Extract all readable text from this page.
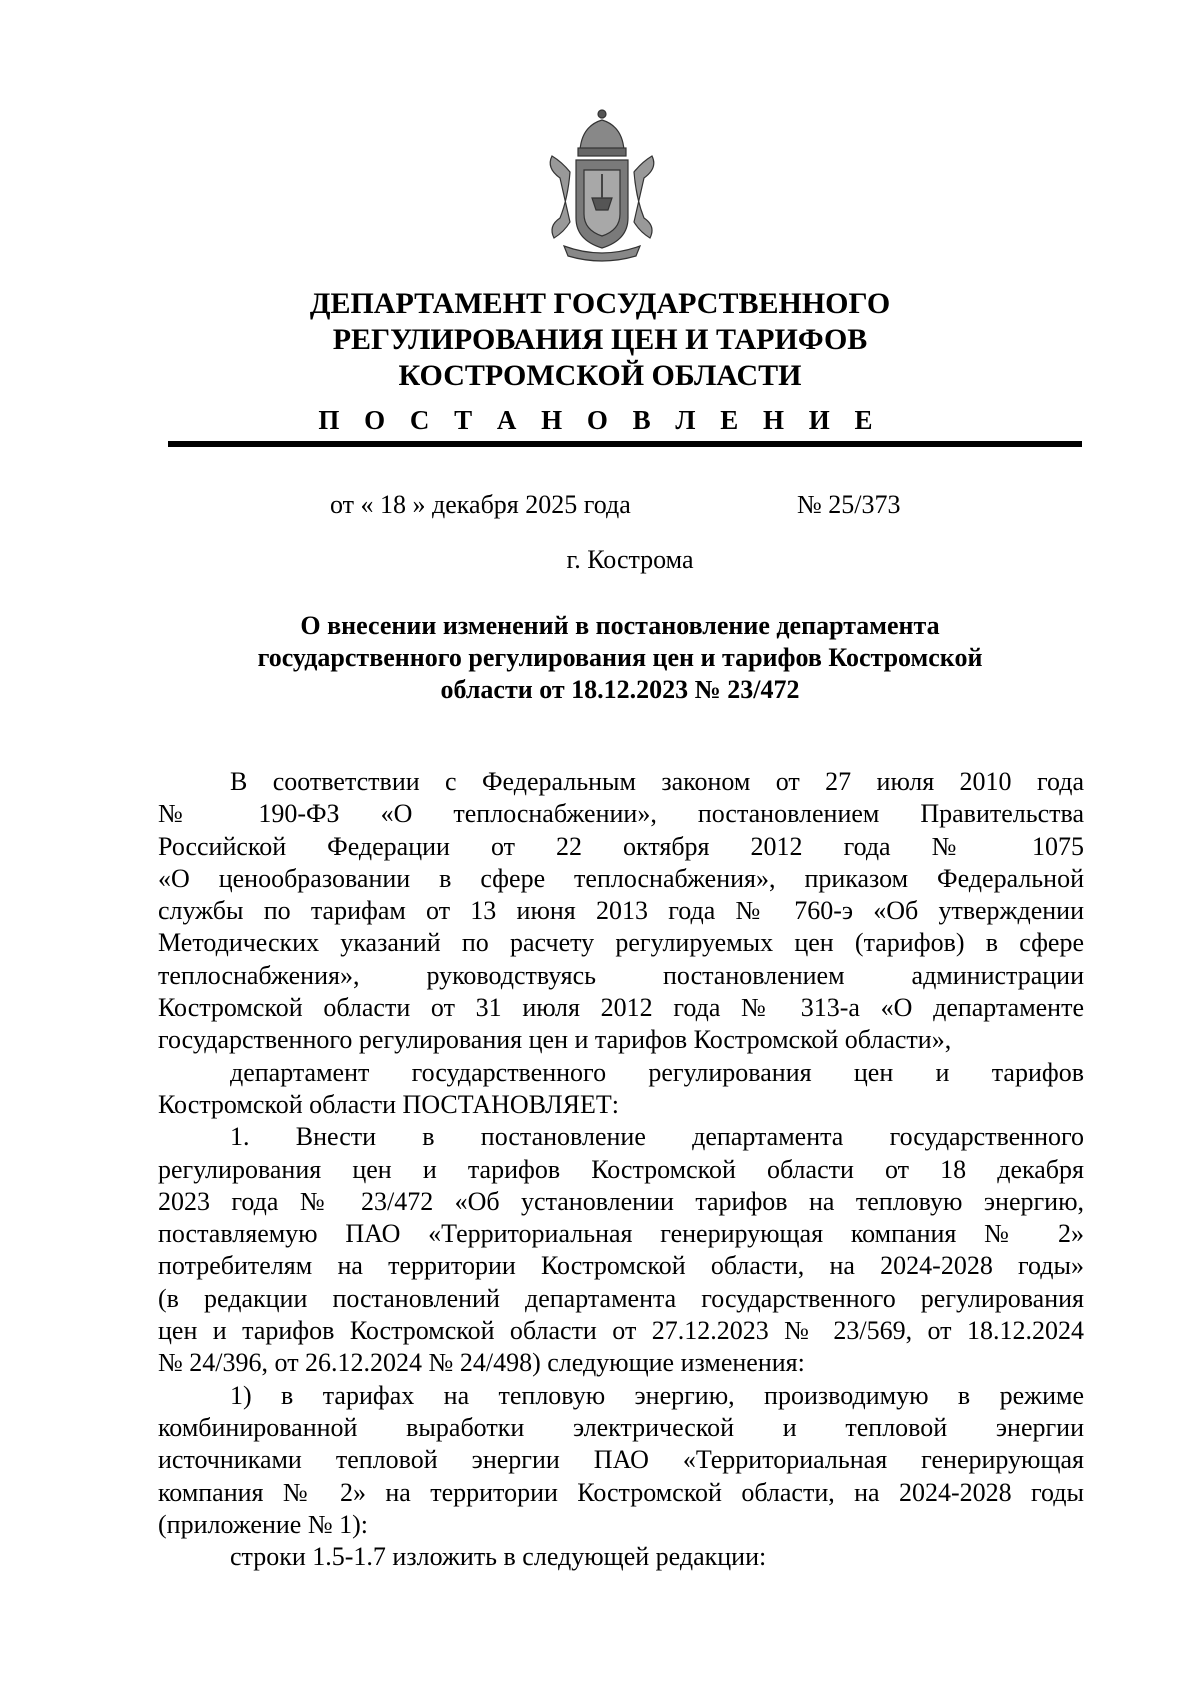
ДЕПАРТАМЕНТ ГОСУДАРСТВЕННОГО
РЕГУЛИРОВАНИЯ ЦЕН И ТАРИФОВ
КОСТРОМСКОЙ ОБЛАСТИ
П О С Т А Н О В Л Е Н И Е
от « 18 » декабря 2025 года	№ 25/373
г. Кострома
О внесении изменений в постановление департамента
государственного регулирования цен и тарифов Костромской
области от 18.12.2023 № 23/472
В соответствии с Федеральным законом от 27 июля 2010 года
№ 190-ФЗ «О теплоснабжении», постановлением Правительства
Российской Федерации от 22 октября 2012 года № 1075
«О ценообразовании в сфере теплоснабжения», приказом Федеральной
службы по тарифам от 13 июня 2013 года № 760-э «Об утверждении
Методических указаний по расчету регулируемых цен (тарифов) в сфере
теплоснабжения», руководствуясь постановлением администрации
Костромской области от 31 июля 2012 года № 313-а «О департаменте
государственного регулирования цен и тарифов Костромской области»,
департамент государственного регулирования цен и тарифов
Костромской области ПОСТАНОВЛЯЕТ:
1. Внести в постановление департамента государственного
регулирования цен и тарифов Костромской области от 18 декабря
2023 года № 23/472 «Об установлении тарифов на тепловую энергию,
поставляемую ПАО «Территориальная генерирующая компания № 2»
потребителям на территории Костромской области, на 2024-2028 годы»
(в редакции постановлений департамента государственного регулирования
цен и тарифов Костромской области от 27.12.2023 № 23/569, от 18.12.2024
№ 24/396, от 26.12.2024 № 24/498) следующие изменения:
1) в тарифах на тепловую энергию, производимую в режиме
комбинированной выработки электрической и тепловой энергии
источниками тепловой энергии ПАО «Территориальная генерирующая
компания № 2» на территории Костромской области, на 2024-2028 годы
(приложение № 1):
строки 1.5-1.7 изложить в следующей редакции:
